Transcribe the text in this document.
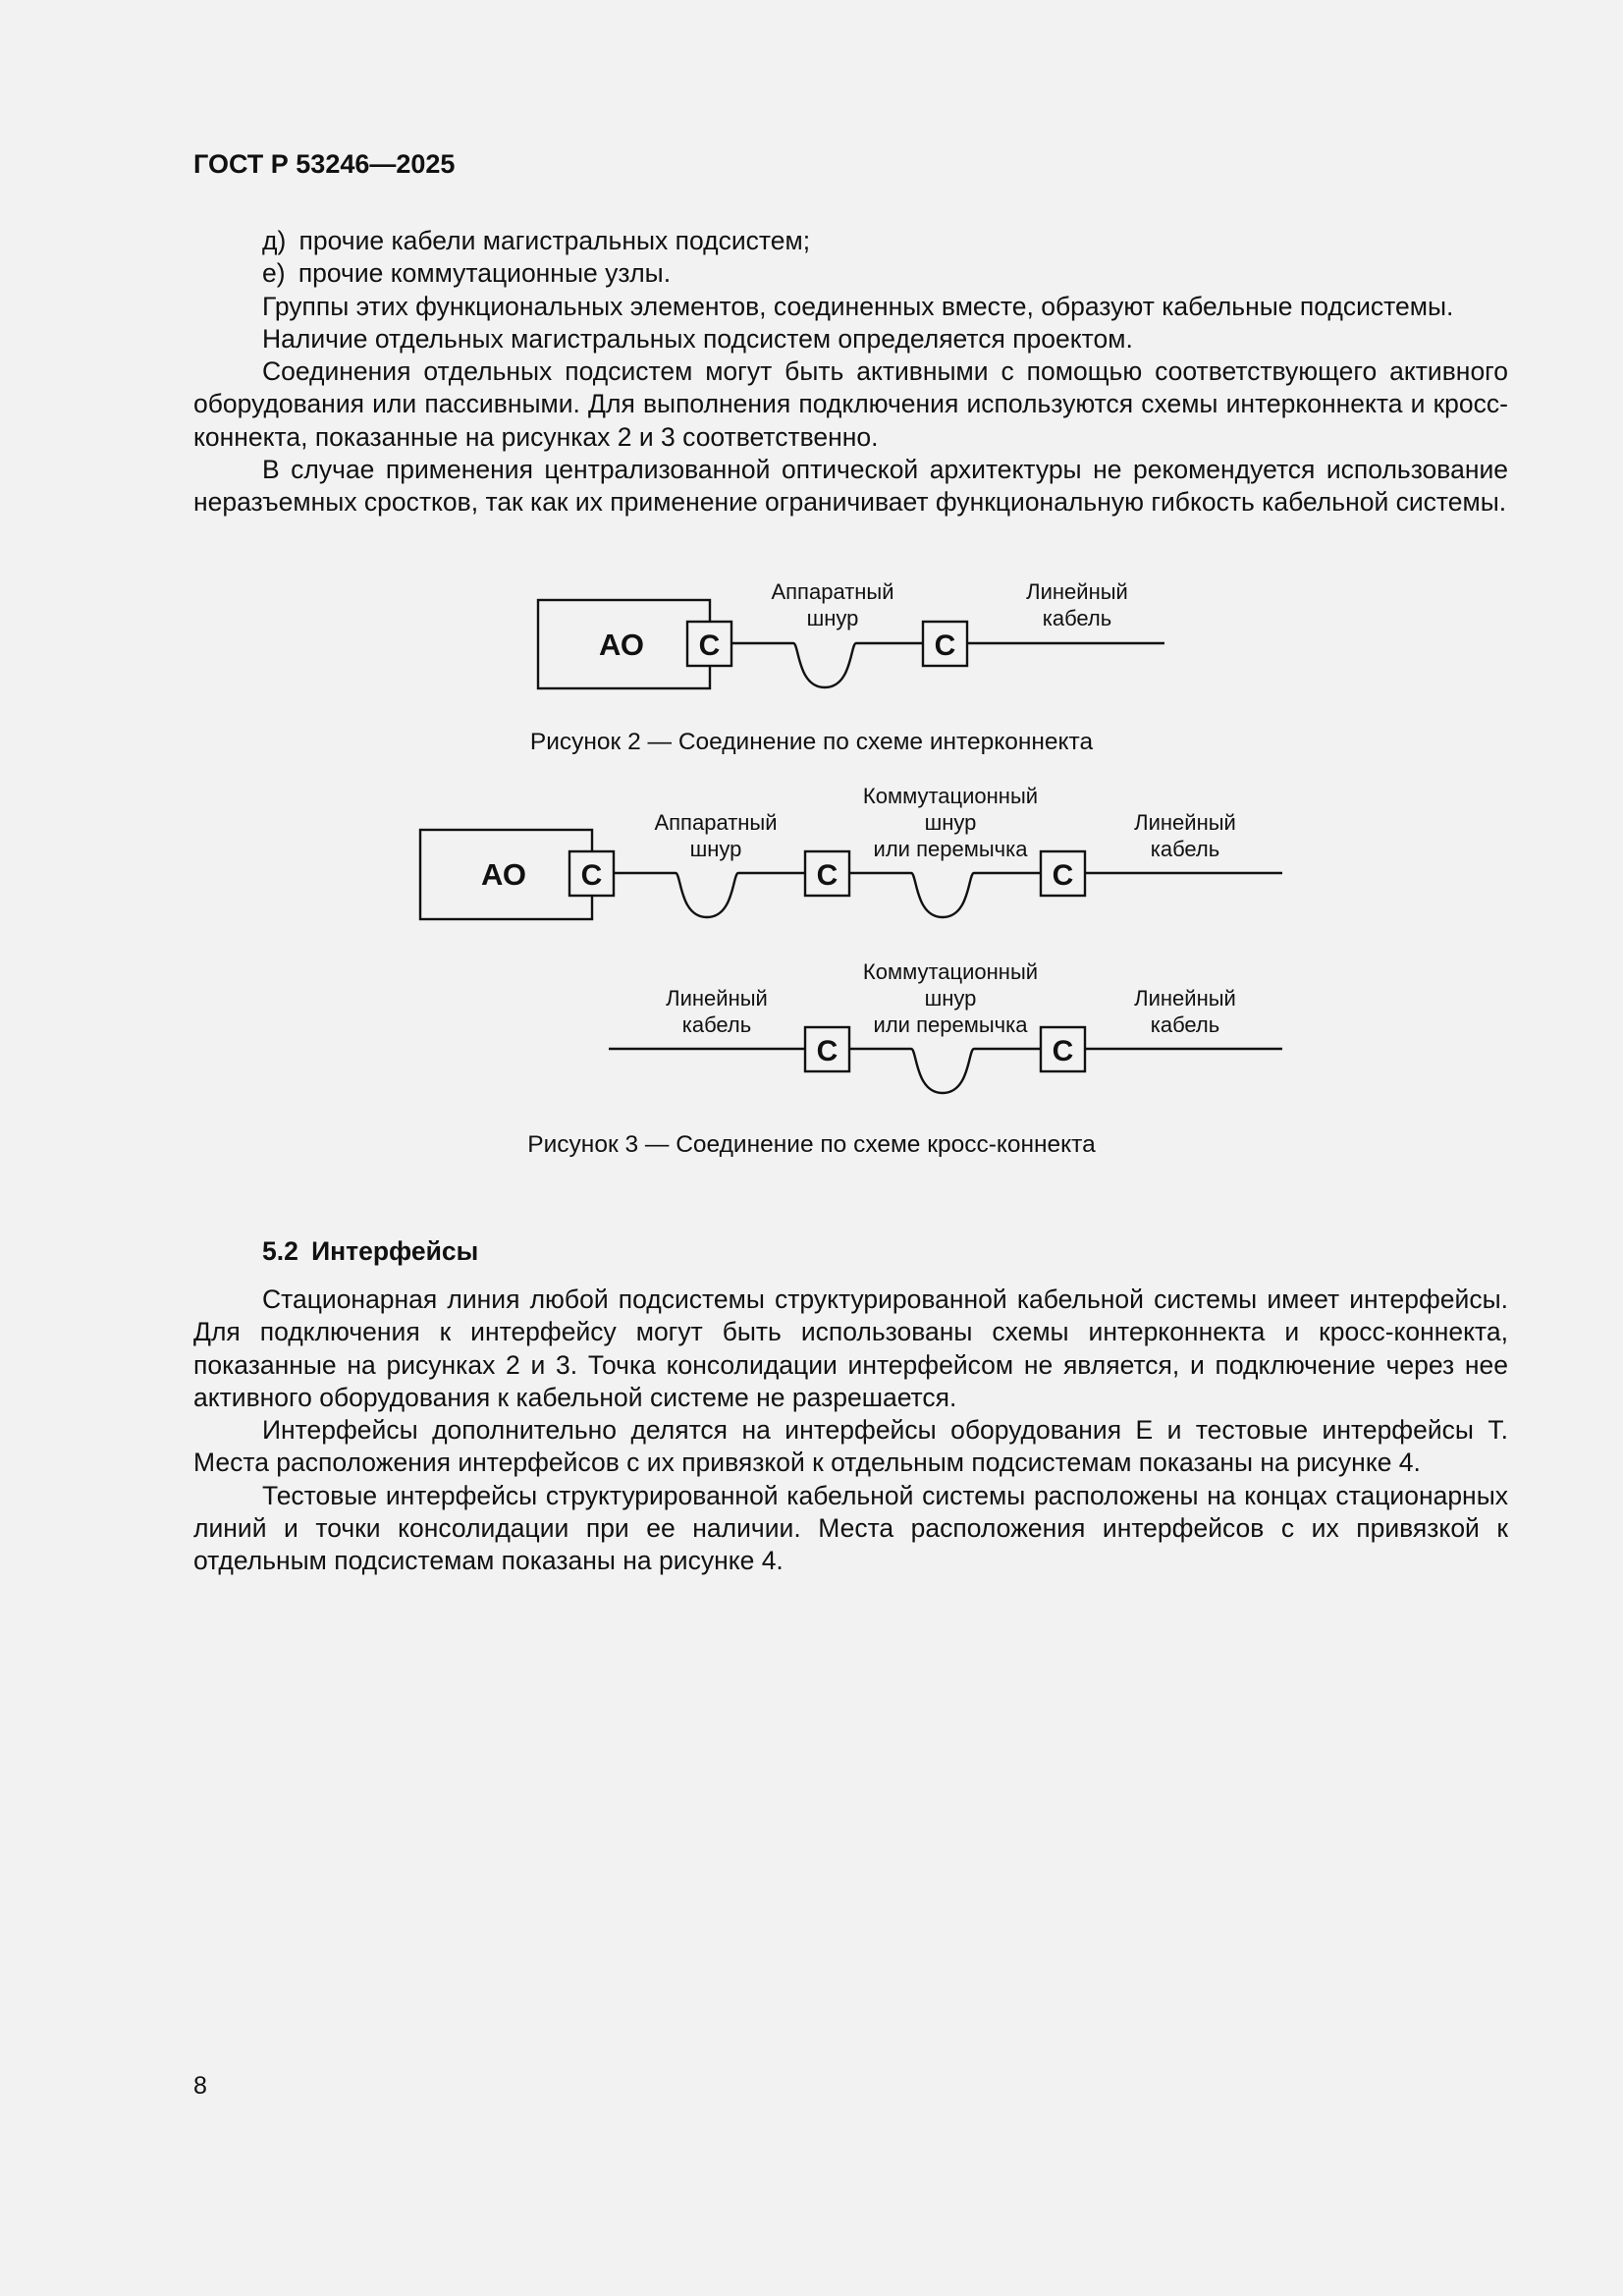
ГОСТ Р 53246—2025

д) прочие кабели магистральных подсистем;

е) прочие коммутационные узлы.

Группы этих функциональных элементов, соединенных вместе, образуют кабельные подсистемы.

Наличие отдельных магистральных подсистем определяется проектом.

Соединения отдельных подсистем могут быть активными с помощью соответствующего активного оборудования или пассивными. Для выполнения подключения используются схемы интерконнекта и кросс-коннекта, показанные на рисунках 2 и 3 соответственно.

В случае применения централизованной оптической архитектуры не рекомендуется использование неразъемных сростков, так как их применение ограничивает функциональную гибкость кабельной системы.

АО С	С
Аппаратный
шнур
Линейный
кабель
Рисунок 2 — Соединение по схеме интерконнекта
АО С	С	С
Аппаратный
шнур
Коммутационный
шнур
или перемычка
Линейный
кабель
С	С
Линейный
кабель
Коммутационный
шнур
или перемычка
Линейный
кабель
Рисунок 3 — Соединение по схеме кросс-коннекта
5.2 Интерфейсы

Стационарная линия любой подсистемы структурированной кабельной системы имеет интерфейсы. Для подключения к интерфейсу могут быть использованы схемы интерконнекта и кросс-коннекта, показанные на рисунках 2 и 3. Точка консолидации интерфейсом не является, и подключение через нее активного оборудования к кабельной системе не разрешается.

Интерфейсы дополнительно делятся на интерфейсы оборудования Е и тестовые интерфейсы Т. Места расположения интерфейсов с их привязкой к отдельным подсистемам показаны на рисунке 4.

Тестовые интерфейсы структурированной кабельной системы расположены на концах стационарных линий и точки консолидации при ее наличии. Места расположения интерфейсов с их привязкой к отдельным подсистемам показаны на рисунке 4.

8
